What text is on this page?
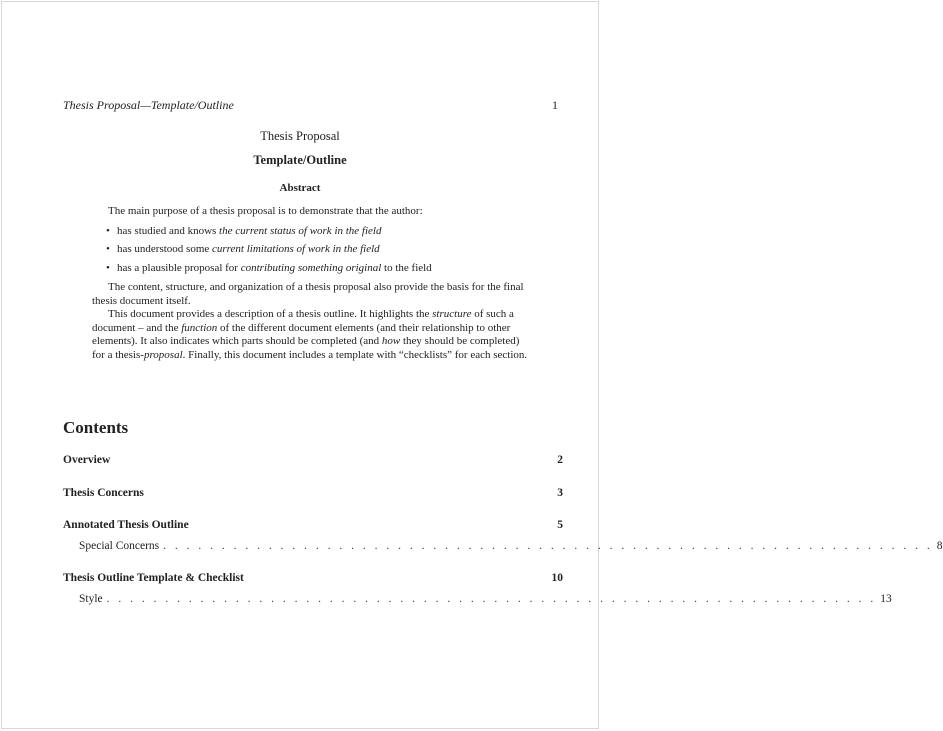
Thesis Proposal—Template/Outline	1
Thesis Proposal
Template/Outline
Abstract

The main purpose of a thesis proposal is to demonstrate that the author:

• has studied and knows the current status of work in the field
• has understood some current limitations of work in the field
• has a plausible proposal for contributing something original to the field

The content, structure, and organization of a thesis proposal also provide the basis for the final thesis document itself.

This document provides a description of a thesis outline. It highlights the structure of such a document – and the function of the different document elements (and their relationship to other elements). It also indicates which parts should be completed (and how they should be completed) for a thesis-proposal. Finally, this document includes a template with “checklists” for each section.

Contents
Overview	2
Thesis Concerns	3
Annotated Thesis Outline	5
Special Concerns . . . . . . . . . . . . . . . . . . . . . . . . . . . . . . . . . . . . . . . . . . . . . . . . . . . . . . . . . . . . . . . . . . 8
Thesis Outline Template & Checklist	10
Style . . . . . . . . . . . . . . . . . . . . . . . . . . . . . . . . . . . . . . . . . . . . . . . . . . . . . . . . . . . . . . . . . . 13
